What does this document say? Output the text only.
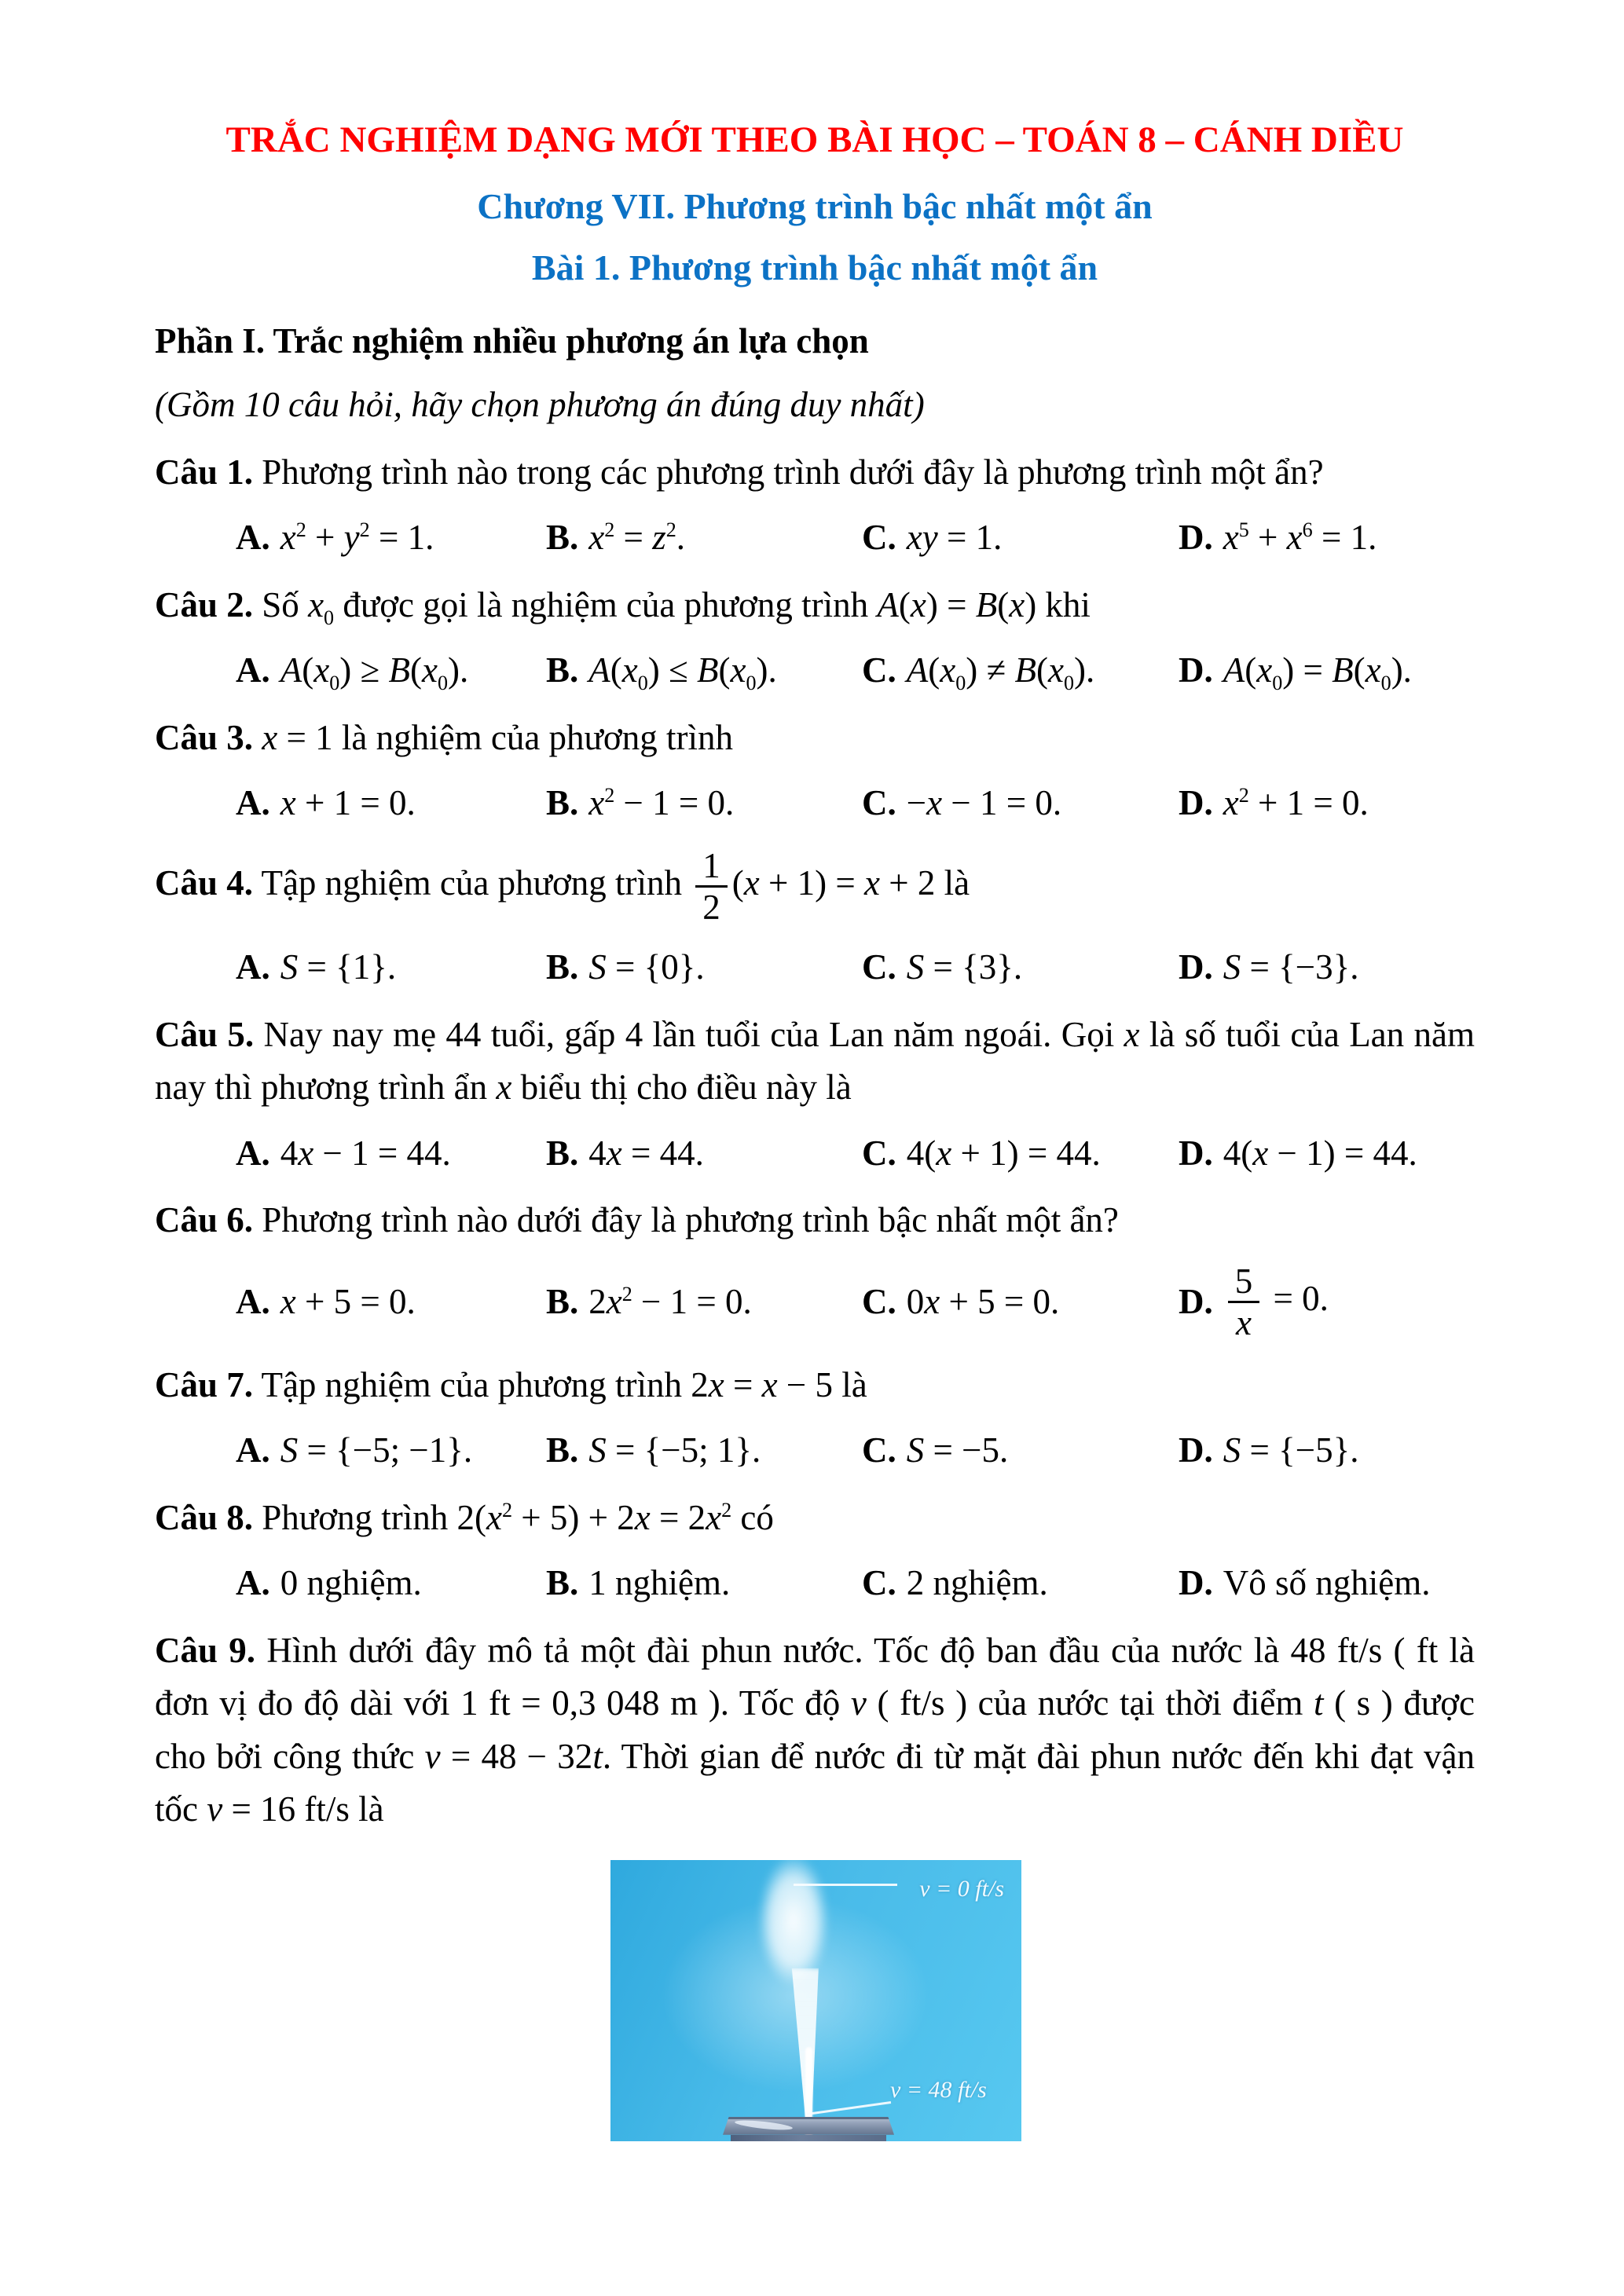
TRẮC NGHIỆM DẠNG MỚI THEO BÀI HỌC – TOÁN 8 – CÁNH DIỀU
Chương VII. Phương trình bậc nhất một ẩn
Bài 1. Phương trình bậc nhất một ẩn

Phần I. Trắc nghiệm nhiều phương án lựa chọn

(Gồm 10 câu hỏi, hãy chọn phương án đúng duy nhất)

Câu 1. Phương trình nào trong các phương trình dưới đây là phương trình một ẩn?

A. $x^2 + y^2 = 1$.	B. $x^2 = z^2$.	C. xy = 1.	D. $x^5 + x^6 = 1$.

Câu 2. Số $x_0$ được gọi là nghiệm của phương trình A(x) = B(x) khi

A. $A(x_0) \ge B(x_0)$. B. $A(x_0) \le B(x_0)$. C. $A(x_0) \ne B(x_0)$. D. $A(x_0) = B(x_0)$.

Câu 3. x = 1 là nghiệm của phương trình

A. x + 1 = 0.	B. $x^2 - 1 = 0$.	C. −x − 1 = 0.	D. $x^2 + 1 = 0$.

Câu 4. Tập nghiệm của phương trình $\frac{1}{2} (x + 1) = x + 2$ là

A. S = {1}.	B. S = {0}.	C. S = {3}.	D. S = {−3}.

Câu 5. Nay nay mẹ 44 tuổi, gấp 4 lần tuổi của Lan năm ngoái. Gọi x là số tuổi của Lan năm nay thì phương trình ẩn x biểu thị cho điều này là

A. 4x − 1 = 44.	B. 4x = 44.	C. 4(x + 1) = 44. D. 4(x − 1) = 44.

Câu 6. Phương trình nào dưới đây là phương trình bậc nhất một ẩn?

A. x + 5 = 0.	B. $2x^2 - 1 = 0$.	C. 0x + 5 = 0.	D. $\frac{5}{x} = 0$.

Câu 7. Tập nghiệm của phương trình 2x = x − 5 là

A. S = {−5; −1}. B. S = {−5; 1}.	C. S = −5.	D. S = {−5}.

Câu 8. Phương trình $2(x^2 + 5) + 2x = 2x^2$ có

A. 0 nghiệm.	B. 1 nghiệm.	C. 2 nghiệm.	D. Vô số nghiệm.

Câu 9. Hình dưới đây mô tả một đài phun nước. Tốc độ ban đầu của nước là 48 ft/s ( ft là đơn vị đo độ dài với 1 ft = 0,3 048 m ). Tốc độ v ( ft/s ) của nước tại thời điểm t ( s ) được cho bởi công thức v = 48 − 32t. Thời gian để nước đi từ mặt đài phun nước đến khi đạt vận tốc v = 16 ft/s là

v = 0 ft/s
v = 48 ft/s
